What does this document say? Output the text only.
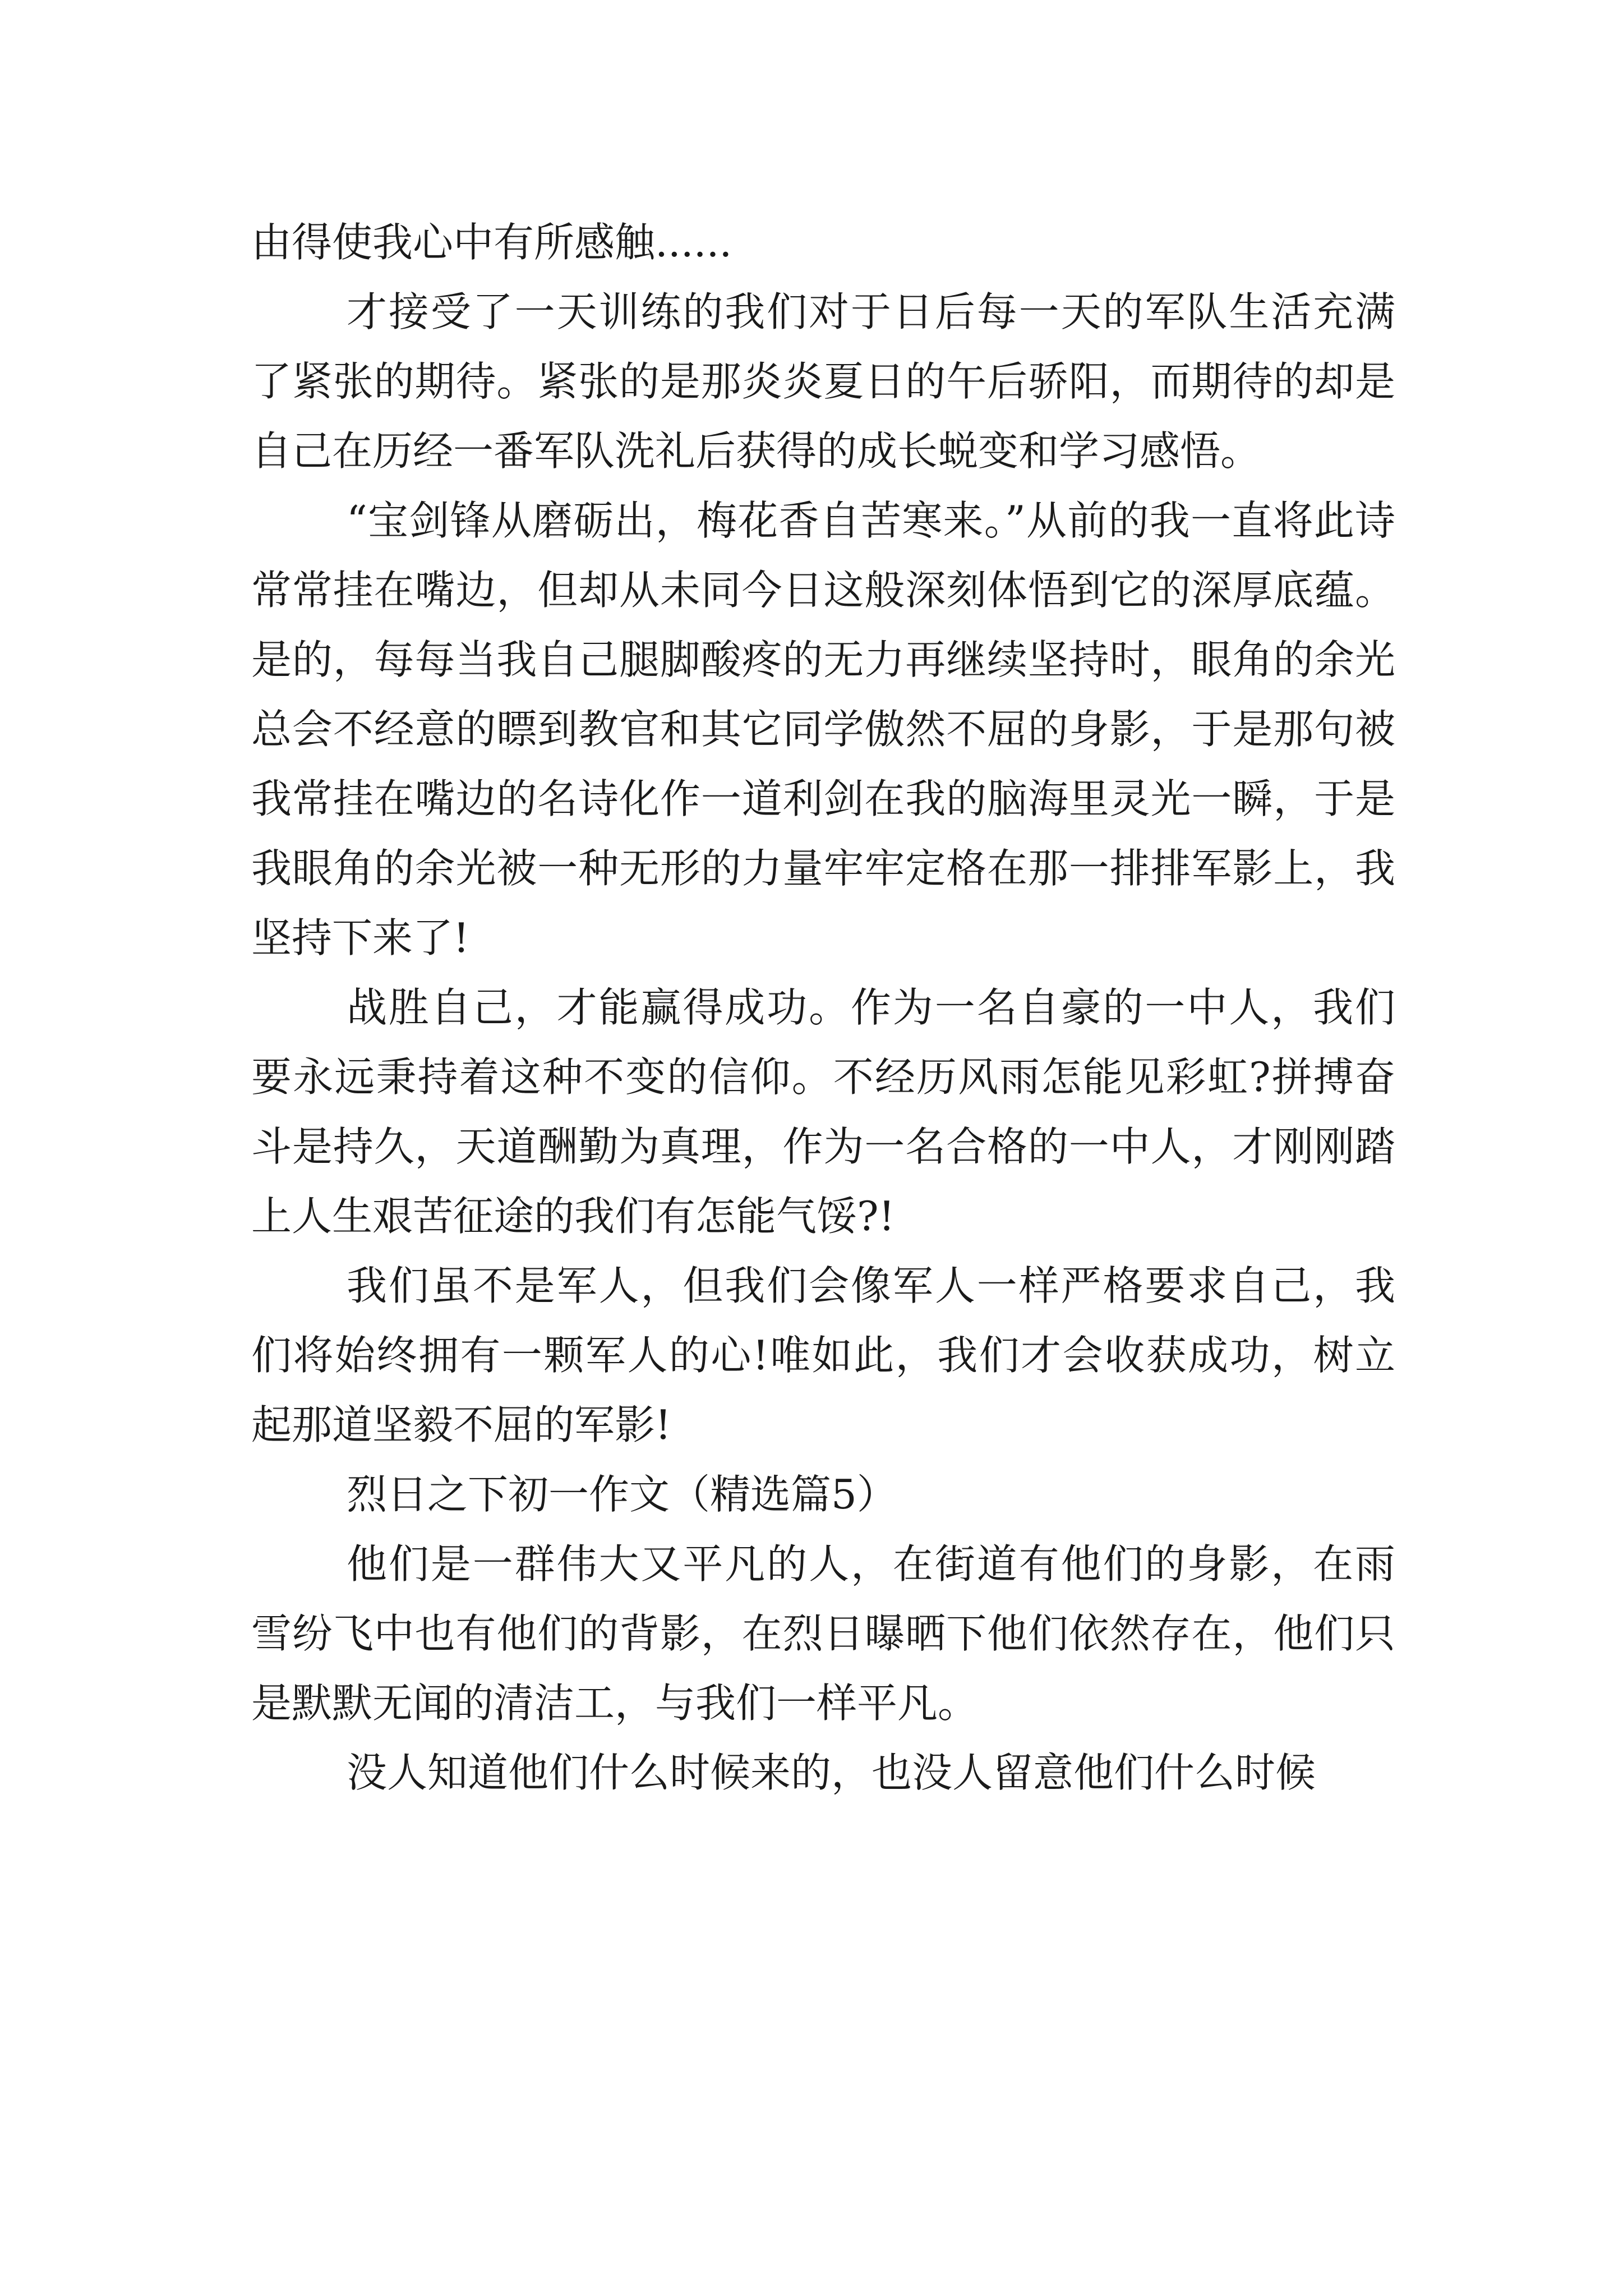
由得使我心中有所感触......

才接受了一天训练的我们对于日后每一天的军队生活充满了紧张的期待。紧张的是那炎炎夏日的午后骄阳，而期待的却是自己在历经一番军队洗礼后获得的成长蜕变和学习感悟。

“宝剑锋从磨砺出，梅花香自苦寒来。”从前的我一直将此诗常常挂在嘴边，但却从未同今日这般深刻体悟到它的深厚底蕴。是的，每每当我自己腿脚酸疼的无力再继续坚持时，眼角的余光总会不经意的瞟到教官和其它同学傲然不屈的身影，于是那句被我常挂在嘴边的名诗化作一道利剑在我的脑海里灵光一瞬，于是我眼角的余光被一种无形的力量牢牢定格在那一排排军影上，我坚持下来了!

战胜自己，才能赢得成功。作为一名自豪的一中人，我们要永远秉持着这种不变的信仰。不经历风雨怎能见彩虹?拼搏奋斗是持久，天道酬勤为真理，作为一名合格的一中人，才刚刚踏上人生艰苦征途的我们有怎能气馁?!

我们虽不是军人，但我们会像军人一样严格要求自己，我们将始终拥有一颗军人的心!唯如此，我们才会收获成功，树立起那道坚毅不屈的军影!

烈日之下初一作文（精选篇5）

他们是一群伟大又平凡的人，在街道有他们的身影，在雨雪纷飞中也有他们的背影，在烈日曝晒下他们依然存在，他们只是默默无闻的清洁工，与我们一样平凡。

没人知道他们什么时候来的，也没人留意他们什么时候
